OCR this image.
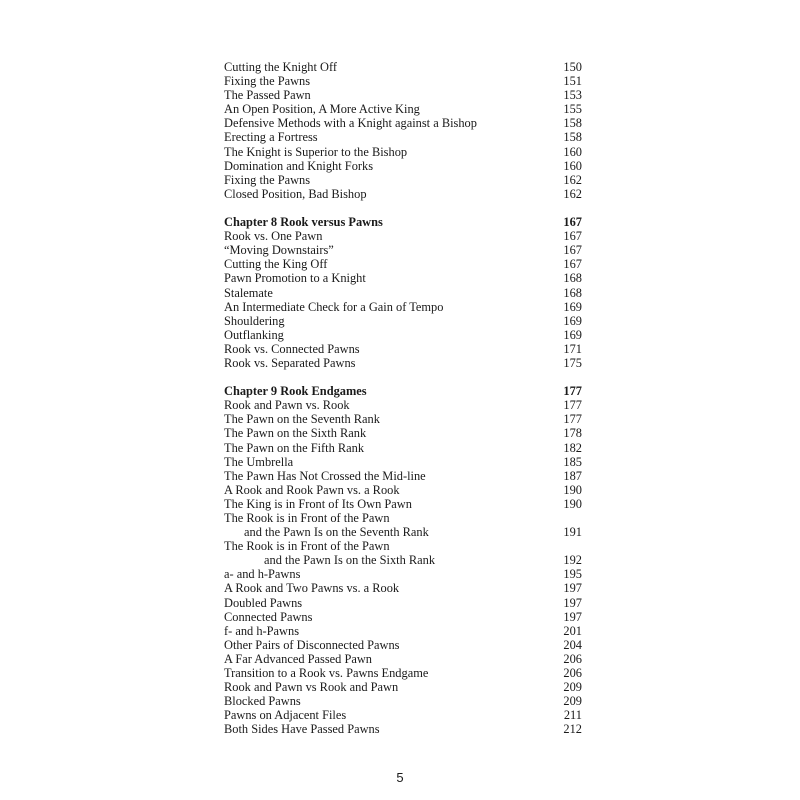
Cutting the Knight Off	150
Fixing the Pawns	151
The Passed Pawn	153
An Open Position, A More Active King	155
Defensive Methods with a Knight against a Bishop	158
Erecting a Fortress	158
The Knight is Superior to the Bishop	160
Domination and Knight Forks	160
Fixing the Pawns	162
Closed Position, Bad Bishop	162
Chapter 8 Rook versus Pawns	167
Rook vs. One Pawn	167
“Moving Downstairs”	167
Cutting the King Off	167
Pawn Promotion to a Knight	168
Stalemate	168
An Intermediate Check for a Gain of Tempo	169
Shouldering	169
Outflanking	169
Rook vs. Connected Pawns	171
Rook vs. Separated Pawns	175
Chapter 9 Rook Endgames	177
Rook and Pawn vs. Rook	177
The Pawn on the Seventh Rank	177
The Pawn on the Sixth Rank	178
The Pawn on the Fifth Rank	182
The Umbrella	185
The Pawn Has Not Crossed the Mid-line	187
A Rook and Rook Pawn vs. a Rook	190
The King is in Front of Its Own Pawn	190
The Rook is in Front of the Pawn
and the Pawn Is on the Seventh Rank	191
The Rook is in Front of the Pawn
and the Pawn Is on the Sixth Rank	192
a- and h-Pawns	195
A Rook and Two Pawns vs. a Rook	197
Doubled Pawns	197
Connected Pawns	197
f- and h-Pawns	201
Other Pairs of Disconnected Pawns	204
A Far Advanced Passed Pawn	206
Transition to a Rook vs. Pawns Endgame	206
Rook and Pawn vs Rook and Pawn	209
Blocked Pawns	209
Pawns on Adjacent Files	211
Both Sides Have Passed Pawns	212
5
